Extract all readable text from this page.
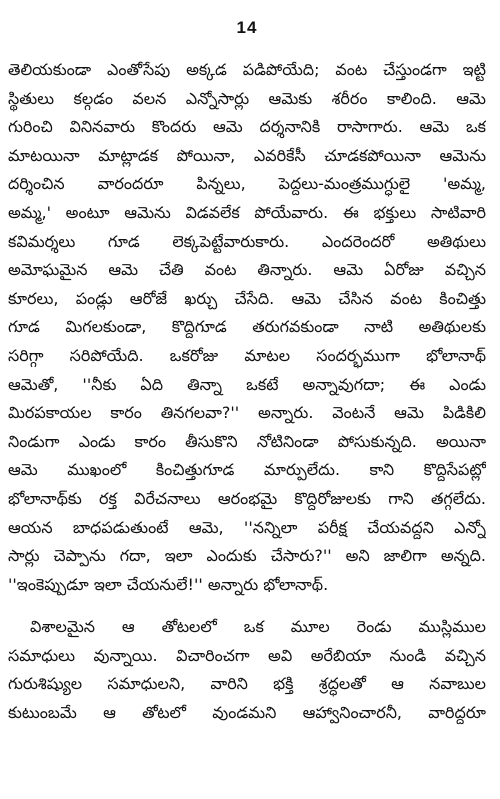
14
తెలియకుండా ఎంతోసేపు అక్కడ పడిపోయేది; వంట చేస్తుండగా ఇట్టి
స్థితులు కల్గడం వలన ఎన్నోసార్లు ఆమెకు శరీరం కాలింది. ఆమె
గురించి వినినవారు కొందరు ఆమె దర్శనానికి రాసాగారు. ఆమె ఒక
మాటయినా మాట్లాడక పోయినా, ఎవరికేసీ చూడకపోయినా ఆమెను
దర్శించిన వారందరూ పిన్నలు, పెద్దలు-మంత్రముగ్ధులై 'అమ్మ,
అమ్మ,' అంటూ ఆమెను విడవలేక పోయేవారు. ఈ భక్తులు సాటివారి
కవిమర్శలు గూడ లెక్కపెట్టేవారుకారు. ఎందరెందరో అతిథులు
అమోఘమైన ఆమె చేతి వంట తిన్నారు. ఆమె ఏరోజు వచ్చిన
కూరలు, పండ్లు ఆరోజే ఖర్చు చేసేది. ఆమె చేసిన వంట కించిత్తు
గూడ మిగలకుండా, కొద్దిగూడ తరుగవకుండా నాటి అతిథులకు
సరిగ్గా సరిపోయేది. ఒకరోజు మాటల సందర్భముగా భోలానాథ్
ఆమెతో, ''నీకు ఏది తిన్నా ఒకటే అన్నావుగదా; ఈ ఎండు
మిరపకాయల కారం తినగలవా?'' అన్నారు. వెంటనే ఆమె పిడికిలి
నిండుగా ఎండు కారం తీసుకొని నోటినిండా పోసుకున్నది. అయినా
ఆమె ముఖంలో కించిత్తుగూడ మార్పులేదు. కాని కొద్దిసేపట్లో
భోలానాథ్‌కు రక్త విరేచనాలు ఆరంభమై కొద్దిరోజులకు గాని తగ్గలేదు.
ఆయన బాధపడుతుంటే ఆమె, ''నన్నిలా పరీక్ష చేయవద్దని ఎన్నో
సార్లు చెప్పాను గదా, ఇలా ఎందుకు చేసారు?'' అని జాలిగా అన్నది.
''ఇంకెప్పుడూ ఇలా చేయనులే!'' అన్నారు భోలానాథ్.
విశాలమైన ఆ తోటలలో ఒక మూల రెండు ముస్లిముల
సమాధులు వున్నాయి. విచారించగా అవి అరేబియా నుండి వచ్చిన
గురుశిష్యుల సమాధులని, వారిని భక్తి శ్రద్ధలతో ఆ నవాబుల
కుటుంబమే ఆ తోటలో వుండమని ఆహ్వానించారనీ, వారిద్దరూ
